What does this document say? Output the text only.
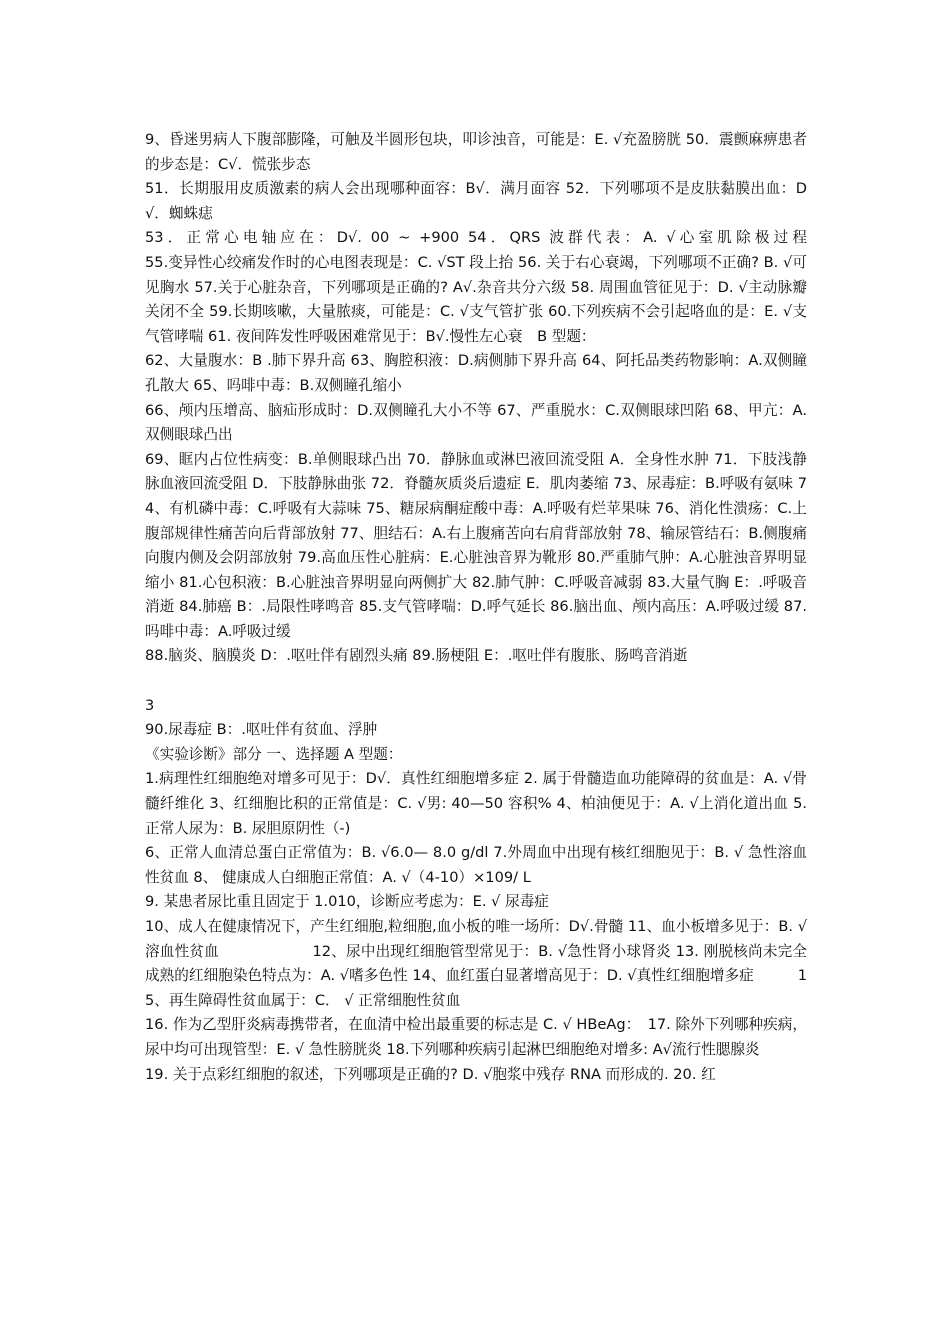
9、昏迷男病人下腹部膨隆，可触及半圆形包块，叩诊浊音，可能是：E. √充盈膀胱 50．震颤麻痹患者的步态是：C√．慌张步态

51．长期服用皮质激素的病人会出现哪种面容：B√．满月面容 52．下列哪项不是皮肤黏膜出血：D√．蜘蛛痣

53．正常心电轴应在：D√. 00 ~ +900 54．QRS 波群代表：A. √心室肌除极过程

55.变异性心绞痛发作时的心电图表现是：C. √ST 段上抬 56. 关于右心衰竭，下列哪项不正确? B. √可见胸水 57.关于心脏杂音，下列哪项是正确的? A√.杂音共分六级 58. 周围血管征见于：D. √主动脉瓣关闭不全 59.长期咳嗽，大量脓痰，可能是：C. √支气管扩张 60.下列疾病不会引起咯血的是：E. √支气管哮喘 61. 夜间阵发性呼吸困难常见于：B√.慢性左心衰　B 型题：

62、大量腹水：B .肺下界升高 63、胸腔积液：D.病侧肺下界升高 64、阿托品类药物影响：A.双侧瞳孔散大 65、吗啡中毒：B.双侧瞳孔缩小

66、颅内压增高、脑疝形成时：D.双侧瞳孔大小不等 67、严重脱水：C.双侧眼球凹陷 68、甲亢：A.双侧眼球凸出

69、眶内占位性病变：B.单侧眼球凸出 70．静脉血或淋巴液回流受阻 A．全身性水肿 71．下肢浅静脉血液回流受阻 D．下肢静脉曲张 72．脊髓灰质炎后遗症 E．肌肉萎缩 73、尿毒症：B.呼吸有氨味 74、有机磷中毒：C.呼吸有大蒜味 75、糖尿病酮症酸中毒：A.呼吸有烂苹果味 76、消化性溃疡：C.上腹部规律性痛苦向后背部放射 77、胆结石：A.右上腹痛苦向右肩背部放射 78、输尿管结石：B.侧腹痛向腹内侧及会阴部放射 79.高血压性心脏病：E.心脏浊音界为靴形 80.严重肺气肿：A.心脏浊音界明显缩小 81.心包积液：B.心脏浊音界明显向两侧扩大 82.肺气肿：C.呼吸音减弱 83.大量气胸 E：.呼吸音消逝 84.肺癌 B：.局限性哮鸣音 85.支气管哮喘：D.呼气延长 86.脑出血、颅内高压：A.呼吸过缓 87.吗啡中毒：A.呼吸过缓

88.脑炎、脑膜炎 D：.呕吐伴有剧烈头痛 89.肠梗阻 E：.呕吐伴有腹胀、肠鸣音消逝

3

90.尿毒症 B：.呕吐伴有贫血、浮肿

《实验诊断》部分 一、选择题 A 型题：

1.病理性红细胞绝对增多可见于：D√．真性红细胞增多症 2. 属于骨髓造血功能障碍的贫血是：A. √骨髓纤维化 3、红细胞比积的正常值是：C. √男: 40—50 容积% 4、柏油便见于：A. √上消化道出血 5.正常人尿为：B. 尿胆原阴性（-)

6、正常人血清总蛋白正常值为：B. √6.0— 8.0 g/dl 7.外周血中出现有核红细胞见于：B. √ 急性溶血性贫血 8、 健康成人白细胞正常值：A. √（4-10）×109/ L

9. 某患者尿比重且固定于 1.010，诊断应考虑为：E. √ 尿毒症

10、成人在健康情况下，产生红细胞,粒细胞,血小板的唯一场所：D√.骨髓 11、血小板增多见于：B. √溶血性贫血　　　　　　 12、尿中出现红细胞管型常见于：B. √急性肾小球肾炎 13. 刚脱核尚未完全成熟的红细胞染色特点为：A. √嗜多色性 14、血红蛋白显著增高见于：D. √真性红细胞增多症　　　15、再生障碍性贫血属于：C． √ 正常细胞性贫血

16. 作为乙型肝炎病毒携带者，在血清中检出最重要的标志是 C. √ HBeAg：　17. 除外下列哪种疾病，尿中均可出现管型：E. √ 急性膀胱炎 18.下列哪种疾病引起淋巴细胞绝对增多: A√流行性腮腺炎

19. 关于点彩红细胞的叙述，下列哪项是正确的? D. √胞浆中残存 RNA 而形成的. 20. 红
